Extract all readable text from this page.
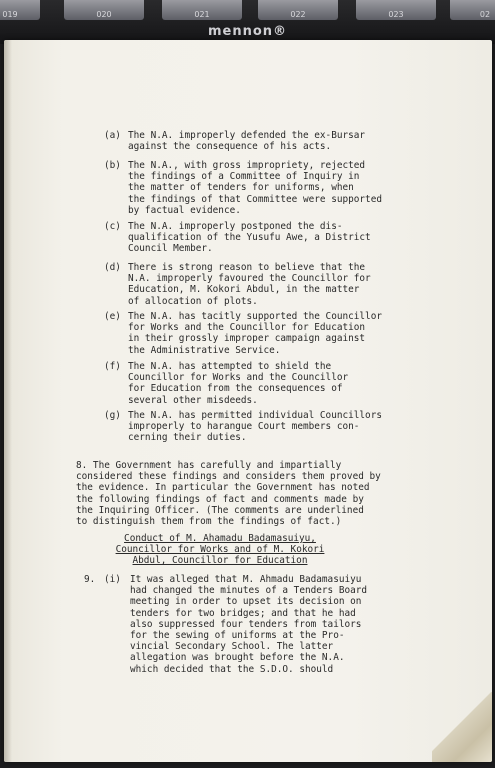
019	020	021	022	023	02
mennon®
(a) The N.A. improperly defended the ex-Bursar
against the consequence of his acts.
(b) The N.A., with gross impropriety, rejected
the findings of a Committee of Inquiry in
the matter of tenders for uniforms, when
the findings of that Committee were supported
by factual evidence.
(c) The N.A. improperly postponed the dis-
qualification of the Yusufu Awe, a District
Council Member.
(d) There is strong reason to believe that the
N.A. improperly favoured the Councillor for
Education, M. Kokori Abdul, in the matter
of allocation of plots.
(e) The N.A. has tacitly supported the Councillor
for Works and the Councillor for Education
in their grossly improper campaign against
the Administrative Service.
(f) The N.A. has attempted to shield the
Councillor for Works and the Councillor
for Education from the consequences of
several other misdeeds.
(g) The N.A. has permitted individual Councillors
improperly to harangue Court members con-
cerning their duties.
8. The Government has carefully and impartially
considered these findings and considers them proved by
the evidence. In particular the Government has noted
the following findings of fact and comments made by
the Inquiring Officer. (The comments are underlined
to distinguish them from the findings of fact.)
Conduct of M. Ahamadu Badamasuiyu,
Councillor for Works and of M. Kokori
Abdul, Councillor for Education
9. (i) It was alleged that M. Ahmadu Badamasuiyu
had changed the minutes of a Tenders Board
meeting in order to upset its decision on
tenders for two bridges; and that he had
also suppressed four tenders from tailors
for the sewing of uniforms at the Pro-
vincial Secondary School. The latter
allegation was brought before the N.A.
which decided that the S.D.O. should
